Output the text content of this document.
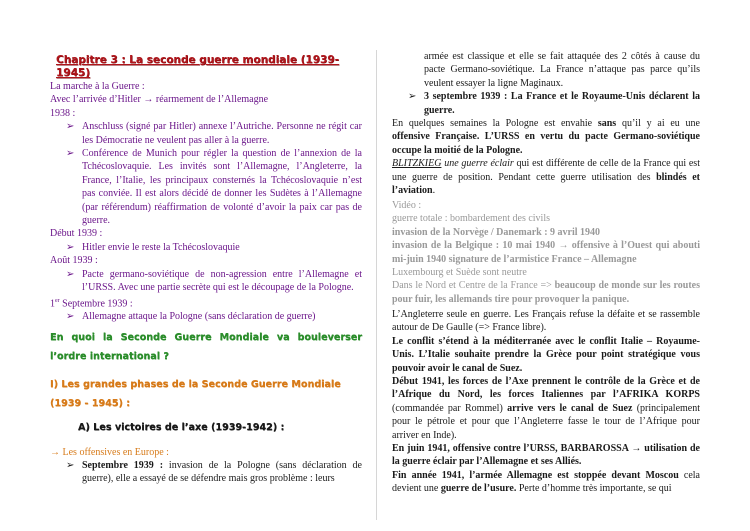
Chapitre 3 : La seconde guerre mondiale (1939-1945)
La marche à la Guerre :
Avec l’arrivée d’Hitler → réarmement de l’Allemagne
1938 :
➢ Anschluss (signé par Hitler) annexe l’Autriche. Personne ne régit car les Démocratie ne veulent pas aller à la guerre.
➢ Conférence de Munich pour régler la question de l’annexion de la Tchécoslovaquie. Les invités sont l’Allemagne, l’Angleterre, la France, l’Italie, les principaux consternés la Tchécoslovaquie n’est pas conviée. Il est alors décidé de donner les Sudètes à l’Allemagne (par référendum) réaffirmation de volonté d’avoir la paix car pas de guerre.
Début 1939 :
➢ Hitler envie le reste la Tchécoslovaquie
Août 1939 :
➢ Pacte germano-soviétique de non-agression entre l’Allemagne et l’URSS. Avec une partie secrète qui est le découpage de la Pologne.
1er Septembre 1939 :
➢ Allemagne attaque la Pologne (sans déclaration de guerre)
En quoi la Seconde Guerre Mondiale va bouleverser l’ordre international ?
I) Les grandes phases de la Seconde Guerre Mondiale (1939 - 1945) :
A) Les victoires de l’axe (1939-1942) :
→ Les offensives en Europe :
➢ Septembre 1939 : invasion de la Pologne (sans déclaration de guerre), elle a essayé de se défendre mais gros problème : leurs
armée est classique et elle se fait attaquée des 2 côtés à cause du pacte Germano-soviétique. La France n’attaque pas parce qu’ils veulent essayer la ligne Maginaux.
➢ 3 septembre 1939 : La France et le Royaume-Unis déclarent la guerre.
En quelques semaines la Pologne est envahie sans qu’il y ai eu une offensive Française. L’URSS en vertu du pacte Germano-soviétique occupe la moitié de la Pologne.
BLITZKIEG une guerre éclair qui est différente de celle de la France qui est une guerre de position. Pendant cette guerre utilisation des blindés et l’aviation.
Vidéo :
guerre totale : bombardement des civils
invasion de la Norvège / Danemark : 9 avril 1940
invasion de la Belgique : 10 mai 1940 → offensive à l’Ouest qui abouti mi-juin 1940 signature de l’armistice France – Allemagne
Luxembourg et Suède sont neutre
Dans le Nord et Centre de la France => beaucoup de monde sur les routes pour fuir, les allemands tire pour provoquer la panique.
L’Angleterre seule en guerre. Les Français refuse la défaite et se rassemble autour de De Gaulle (=> France libre).
Le conflit s’étend à la méditerranée avec le conflit Italie – Royaume-Unis. L’Italie souhaite prendre la Grèce pour point stratégique vous pouvoir avoir le canal de Suez.
Début 1941, les forces de l’Axe prennent le contrôle de la Grèce et de l’Afrique du Nord, les forces Italiennes par l’AFRIKA KORPS (commandée par Rommel) arrive vers le canal de Suez (principalement pour le pétrole et pour que l’Angleterre fasse le tour de l’Afrique pour arriver en Inde).
En juin 1941, offensive contre l’URSS, BARBAROSSA → utilisation de la guerre éclair par l’Allemagne et ses Alliés.
Fin année 1941, l’armée Allemagne est stoppée devant Moscou cela devient une guerre de l’usure. Perte d’homme très importante, se qui
